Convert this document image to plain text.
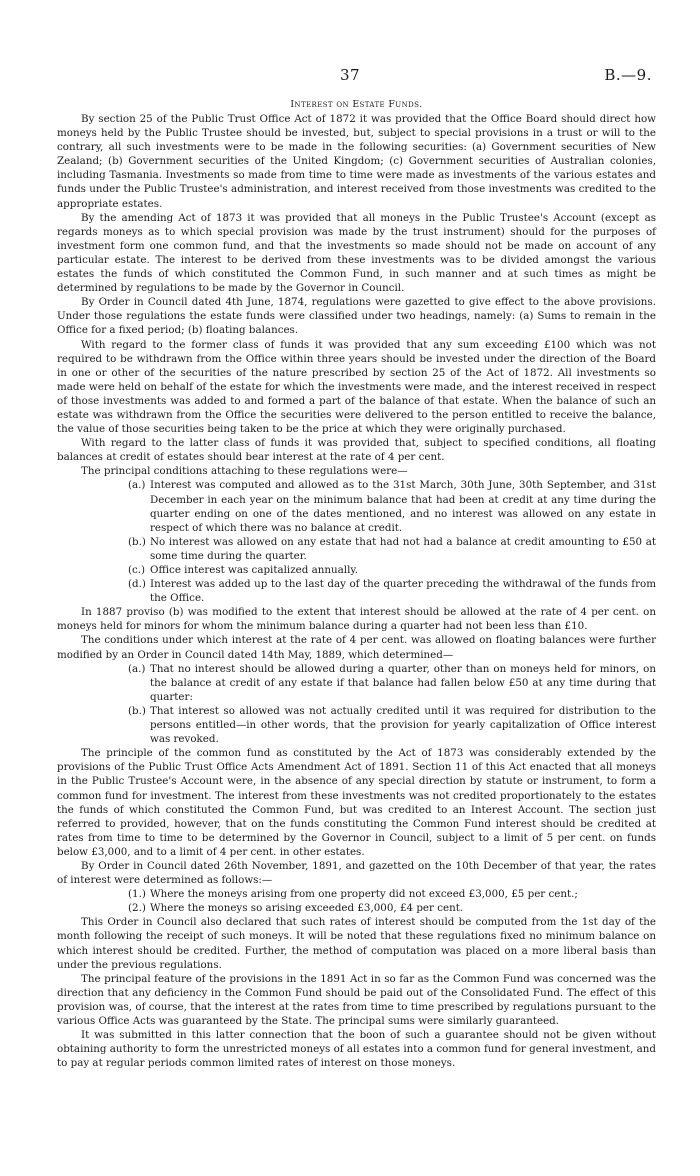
37	B.—9.
Interest on Estate Funds.

By section 25 of the Public Trust Office Act of 1872 it was provided that the Office Board should direct how moneys held by the Public Trustee should be invested, but, subject to special provisions in a trust or will to the contrary, all such investments were to be made in the following securities: (a) Government securities of New Zealand; (b) Government securities of the United Kingdom; (c) Government securities of Australian colonies, including Tasmania. Investments so made from time to time were made as investments of the various estates and funds under the Public Trustee's administration, and interest received from those investments was credited to the appropriate estates.

By the amending Act of 1873 it was provided that all moneys in the Public Trustee's Account (except as regards moneys as to which special provision was made by the trust instrument) should for the purposes of investment form one common fund, and that the investments so made should not be made on account of any particular estate. The interest to be derived from these investments was to be divided amongst the various estates the funds of which constituted the Common Fund, in such manner and at such times as might be determined by regulations to be made by the Governor in Council.

By Order in Council dated 4th June, 1874, regulations were gazetted to give effect to the above provisions. Under those regulations the estate funds were classified under two headings, namely: (a) Sums to remain in the Office for a fixed period; (b) floating balances.

With regard to the former class of funds it was provided that any sum exceeding £100 which was not required to be withdrawn from the Office within three years should be invested under the direction of the Board in one or other of the securities of the nature prescribed by section 25 of the Act of 1872. All investments so made were held on behalf of the estate for which the investments were made, and the interest received in respect of those investments was added to and formed a part of the balance of that estate. When the balance of such an estate was withdrawn from the Office the securities were delivered to the person entitled to receive the balance, the value of those securities being taken to be the price at which they were originally purchased.

With regard to the latter class of funds it was provided that, subject to specified conditions, all floating balances at credit of estates should bear interest at the rate of 4 per cent.

The principal conditions attaching to these regulations were—

(a.) Interest was computed and allowed as to the 31st March, 30th June, 30th September, and 31st December in each year on the minimum balance that had been at credit at any time during the quarter ending on one of the dates mentioned, and no interest was allowed on any estate in respect of which there was no balance at credit.
(b.) No interest was allowed on any estate that had not had a balance at credit amounting to £50 at some time during the quarter.
(c.) Office interest was capitalized annually.
(d.) Interest was added up to the last day of the quarter preceding the withdrawal of the funds from the Office.

In 1887 proviso (b) was modified to the extent that interest should be allowed at the rate of 4 per cent. on moneys held for minors for whom the minimum balance during a quarter had not been less than £10.

The conditions under which interest at the rate of 4 per cent. was allowed on floating balances were further modified by an Order in Council dated 14th May, 1889, which determined—

(a.) That no interest should be allowed during a quarter, other than on moneys held for minors, on the balance at credit of any estate if that balance had fallen below £50 at any time during that quarter:
(b.) That interest so allowed was not actually credited until it was required for distribution to the persons entitled—in other words, that the provision for yearly capitalization of Office interest was revoked.

The principle of the common fund as constituted by the Act of 1873 was considerably extended by the provisions of the Public Trust Office Acts Amendment Act of 1891. Section 11 of this Act enacted that all moneys in the Public Trustee's Account were, in the absence of any special direction by statute or instrument, to form a common fund for investment. The interest from these investments was not credited proportionately to the estates the funds of which constituted the Common Fund, but was credited to an Interest Account. The section just referred to provided, however, that on the funds constituting the Common Fund interest should be credited at rates from time to time to be determined by the Governor in Council, subject to a limit of 5 per cent. on funds below £3,000, and to a limit of 4 per cent. in other estates.

By Order in Council dated 26th November, 1891, and gazetted on the 10th December of that year, the rates of interest were determined as follows:—

(1.) Where the moneys arising from one property did not exceed £3,000, £5 per cent.;
(2.) Where the moneys so arising exceeded £3,000, £4 per cent.

This Order in Council also declared that such rates of interest should be computed from the 1st day of the month following the receipt of such moneys. It will be noted that these regulations fixed no minimum balance on which interest should be credited. Further, the method of computation was placed on a more liberal basis than under the previous regulations.

The principal feature of the provisions in the 1891 Act in so far as the Common Fund was concerned was the direction that any deficiency in the Common Fund should be paid out of the Consolidated Fund. The effect of this provision was, of course, that the interest at the rates from time to time prescribed by regulations pursuant to the various Office Acts was guaranteed by the State. The principal sums were similarly guaranteed.

It was submitted in this latter connection that the boon of such a guarantee should not be given without obtaining authority to form the unrestricted moneys of all estates into a common fund for general investment, and to pay at regular periods common limited rates of interest on those moneys.
